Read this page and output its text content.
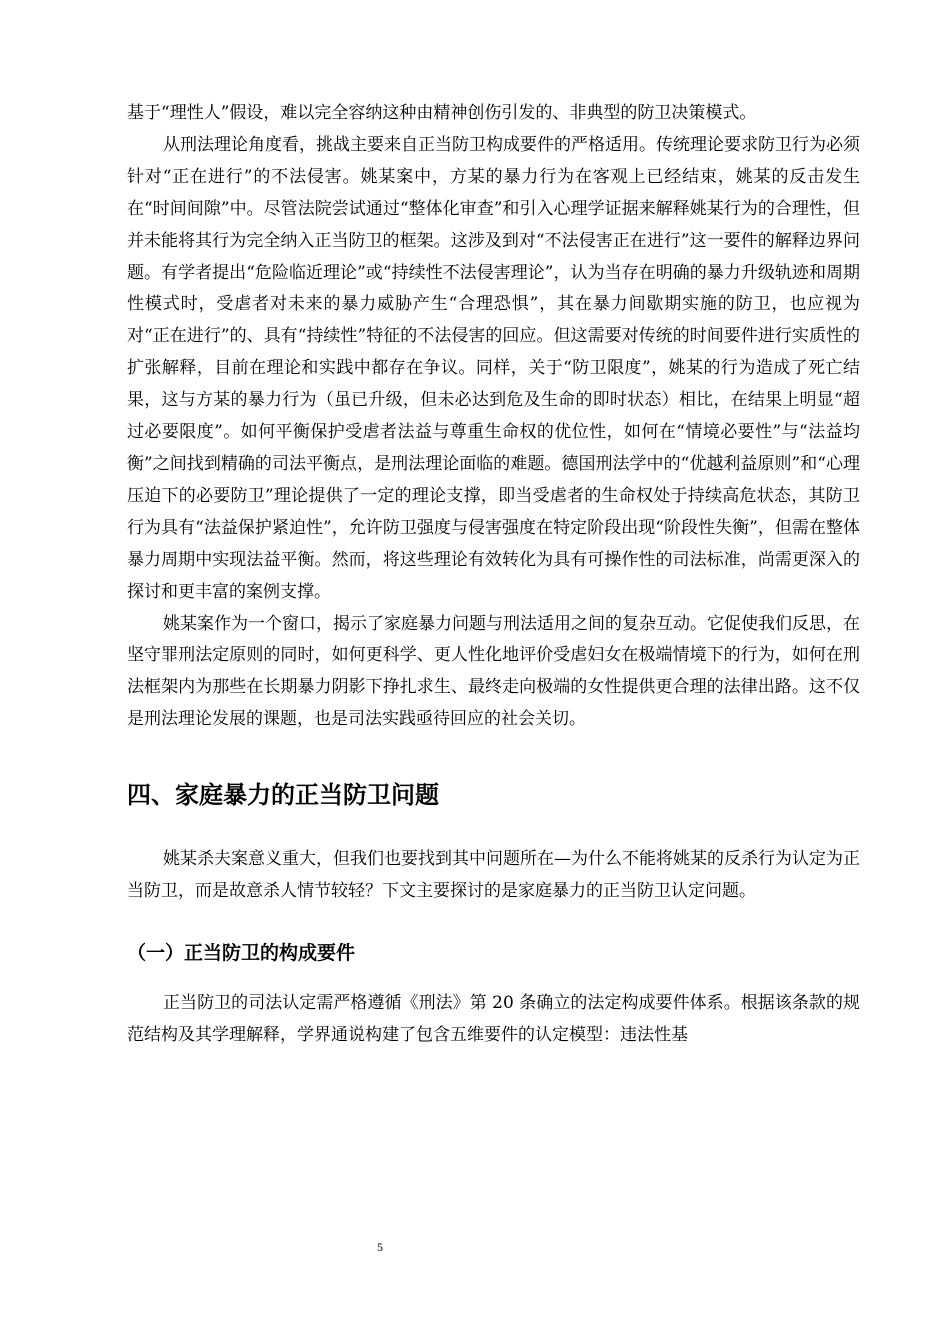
基于“理性人”假设，难以完全容纳这种由精神创伤引发的、非典型的防卫决策模式。

从刑法理论角度看，挑战主要来自正当防卫构成要件的严格适用。传统理论要求防卫行为必须针对“正在进行”的不法侵害。姚某案中，方某的暴力行为在客观上已经结束，姚某的反击发生在“时间间隙”中。尽管法院尝试通过“整体化审查”和引入心理学证据来解释姚某行为的合理性，但并未能将其行为完全纳入正当防卫的框架。这涉及到对“不法侵害正在进行”这一要件的解释边界问题。有学者提出“危险临近理论”或“持续性不法侵害理论”，认为当存在明确的暴力升级轨迹和周期性模式时，受虐者对未来的暴力威胁产生“合理恐惧”，其在暴力间歇期实施的防卫，也应视为对“正在进行”的、具有“持续性”特征的不法侵害的回应。但这需要对传统的时间要件进行实质性的扩张解释，目前在理论和实践中都存在争议。同样，关于“防卫限度”，姚某的行为造成了死亡结果，这与方某的暴力行为（虽已升级，但未必达到危及生命的即时状态）相比，在结果上明显“超过必要限度”。如何平衡保护受虐者法益与尊重生命权的优位性，如何在“情境必要性”与“法益均衡”之间找到精确的司法平衡点，是刑法理论面临的难题。德国刑法学中的“优越利益原则”和“心理压迫下的必要防卫”理论提供了一定的理论支撑，即当受虐者的生命权处于持续高危状态，其防卫行为具有“法益保护紧迫性”，允许防卫强度与侵害强度在特定阶段出现“阶段性失衡”，但需在整体暴力周期中实现法益平衡。然而，将这些理论有效转化为具有可操作性的司法标准，尚需更深入的探讨和更丰富的案例支撑。

姚某案作为一个窗口，揭示了家庭暴力问题与刑法适用之间的复杂互动。它促使我们反思，在坚守罪刑法定原则的同时，如何更科学、更人性化地评价受虐妇女在极端情境下的行为，如何在刑法框架内为那些在长期暴力阴影下挣扎求生、最终走向极端的女性提供更合理的法律出路。这不仅是刑法理论发展的课题，也是司法实践亟待回应的社会关切。

四、家庭暴力的正当防卫问题

姚某杀夫案意义重大，但我们也要找到其中问题所在—为什么不能将姚某的反杀行为认定为正当防卫，而是故意杀人情节较轻？下文主要探讨的是家庭暴力的正当防卫认定问题。

（一）正当防卫的构成要件

正当防卫的司法认定需严格遵循《刑法》第 20 条确立的法定构成要件体系。根据该条款的规范结构及其学理解释，学界通说构建了包含五维要件的认定模型：违法性基

5
